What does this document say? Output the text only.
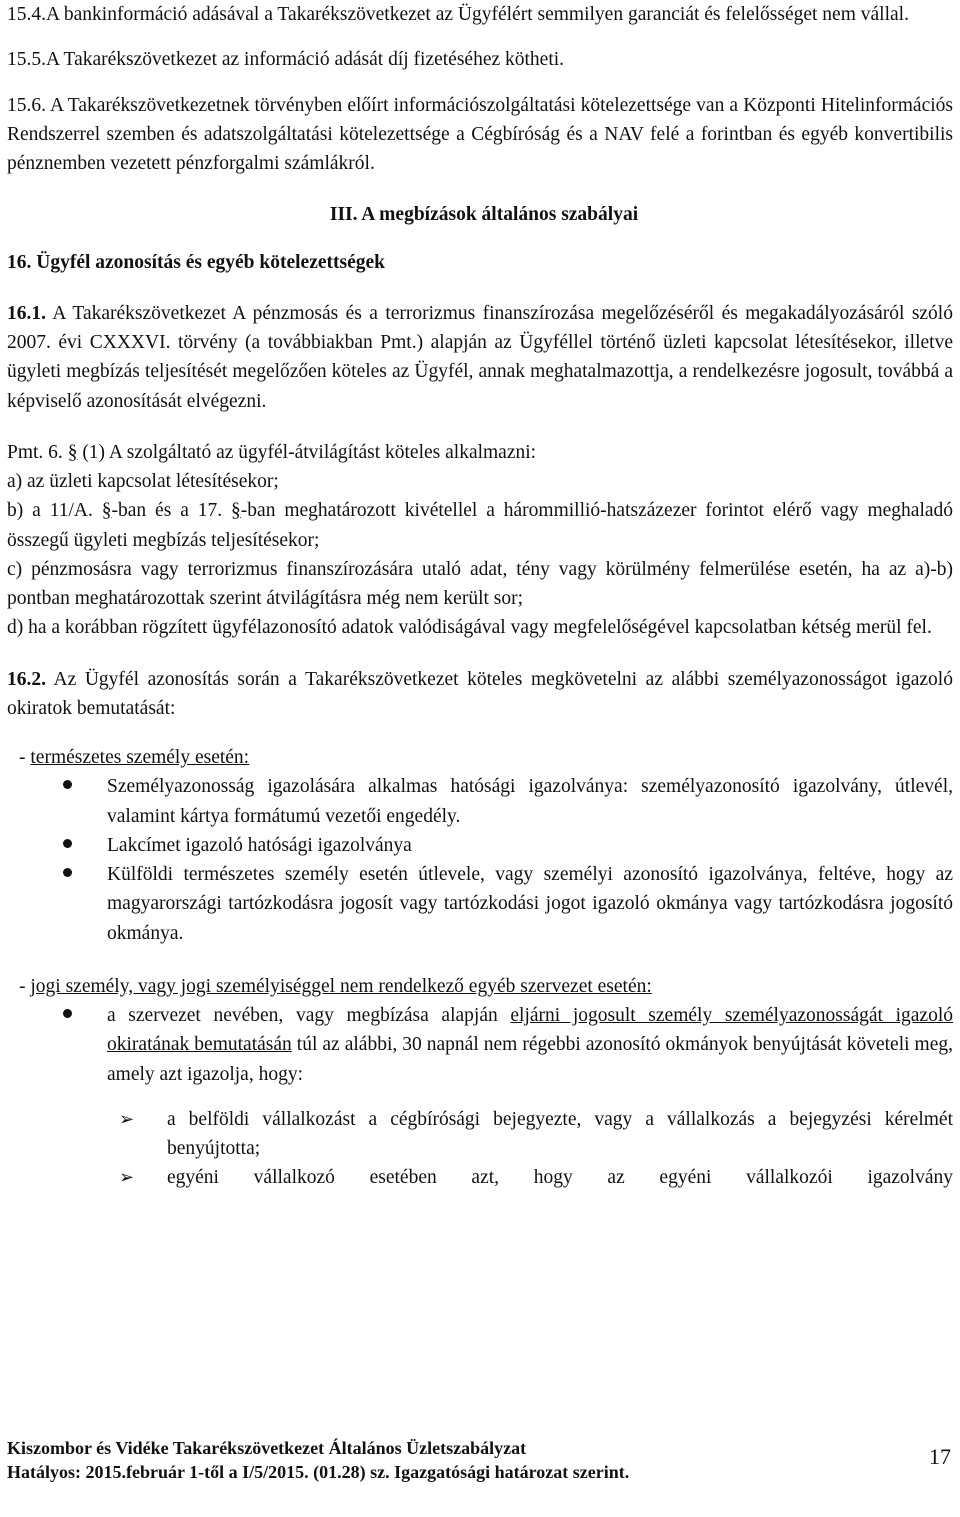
15.4.A bankinformáció adásával a Takarékszövetkezet az Ügyfélért semmilyen garanciát és felelősséget nem vállal.

15.5.A Takarékszövetkezet az információ adását díj fizetéséhez kötheti.

15.6. A Takarékszövetkezetnek törvényben előírt információszolgáltatási kötelezettsége van a Központi Hitelinformációs Rendszerrel szemben és adatszolgáltatási kötelezettsége a Cégbíróság és a NAV felé a forintban és egyéb konvertibilis pénznemben vezetett pénzforgalmi számlákról.

III. A megbízások általános szabályai

16. Ügyfél azonosítás és egyéb kötelezettségek

16.1. A Takarékszövetkezet A pénzmosás és a terrorizmus finanszírozása megelőzéséről és megakadályozásáról szóló 2007. évi CXXXVI. törvény (a továbbiakban Pmt.) alapján az Ügyféllel történő üzleti kapcsolat létesítésekor, illetve ügyleti megbízás teljesítését megelőzően köteles az Ügyfél, annak meghatalmazottja, a rendelkezésre jogosult, továbbá a képviselő azonosítását elvégezni.

Pmt. 6. § (1) A szolgáltató az ügyfél-átvilágítást köteles alkalmazni:

a) az üzleti kapcsolat létesítésekor;

b) a 11/A. §-ban és a 17. §-ban meghatározott kivétellel a hárommillió-hatszázezer forintot elérő vagy meghaladó összegű ügyleti megbízás teljesítésekor;

c) pénzmosásra vagy terrorizmus finanszírozására utaló adat, tény vagy körülmény felmerülése esetén, ha az a)-b) pontban meghatározottak szerint átvilágításra még nem került sor;

d) ha a korábban rögzített ügyfélazonosító adatok valódiságával vagy megfelelőségével kapcsolatban kétség merül fel.

16.2. Az Ügyfél azonosítás során a Takarékszövetkezet köteles megkövetelni az alábbi személyazonosságot igazoló okiratok bemutatását:

- természetes személy esetén:

Személyazonosság igazolására alkalmas hatósági igazolványa: személyazonosító igazolvány, útlevél, valamint kártya formátumú vezetői engedély.
Lakcímet igazoló hatósági igazolványa
Külföldi természetes személy esetén útlevele, vagy személyi azonosító igazolványa, feltéve, hogy az magyarországi tartózkodásra jogosít vagy tartózkodási jogot igazoló okmánya vagy tartózkodásra jogosító okmánya.

- jogi személy, vagy jogi személyiséggel nem rendelkező egyéb szervezet esetén:

a szervezet nevében, vagy megbízása alapján eljárni jogosult személy személyazonosságát igazoló okiratának bemutatásán túl az alábbi, 30 napnál nem régebbi azonosító okmányok benyújtását követeli meg, amely azt igazolja, hogy:
➢ a belföldi vállalkozást a cégbírósági bejegyezte, vagy a vállalkozás a bejegyzési kérelmét benyújtotta;
➢ egyéni vállalkozó esetében azt, hogy az egyéni vállalkozói igazolvány
Kiszombor és Vidéke Takarékszövetkezet Általános Üzletszabályzat
Hatályos: 2015.február 1-től a I/5/2015. (01.28) sz. Igazgatósági határozat szerint.
17
